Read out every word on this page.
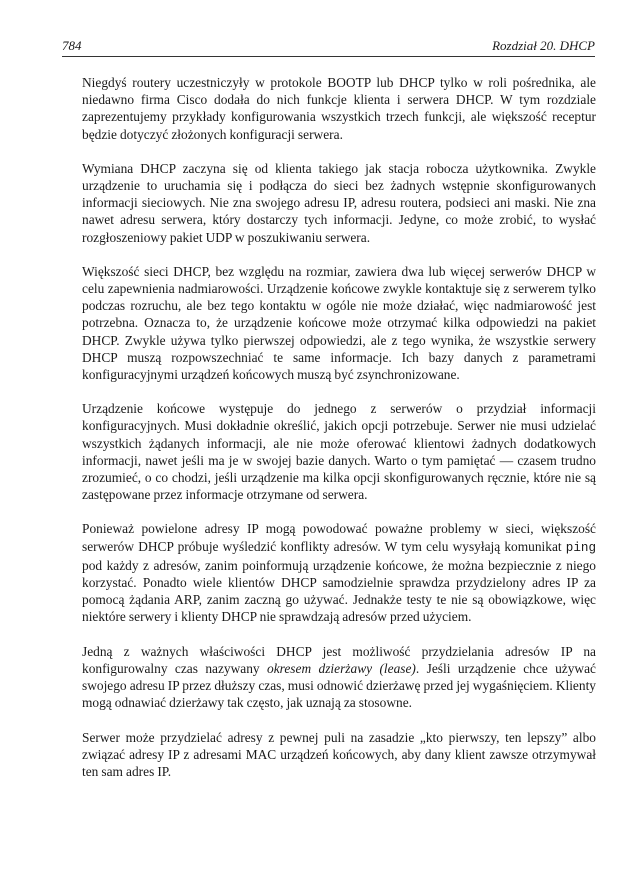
784	Rozdział 20. DHCP

Niegdyś routery uczestniczyły w protokole BOOTP lub DHCP tylko w roli pośrednika, ale niedawno firma Cisco dodała do nich funkcje klienta i serwera DHCP. W tym rozdziale zaprezentujemy przykłady konfigurowania wszystkich trzech funkcji, ale większość receptur będzie dotyczyć złożonych konfiguracji serwera.

Wymiana DHCP zaczyna się od klienta takiego jak stacja robocza użytkownika. Zwykle urządzenie to uruchamia się i podłącza do sieci bez żadnych wstępnie skonfigurowanych informacji sieciowych. Nie zna swojego adresu IP, adresu routera, podsieci ani maski. Nie zna nawet adresu serwera, który dostarczy tych informacji. Jedyne, co może zrobić, to wysłać rozgłoszeniowy pakiet UDP w poszukiwaniu serwera.

Większość sieci DHCP, bez względu na rozmiar, zawiera dwa lub więcej serwerów DHCP w celu zapewnienia nadmiarowości. Urządzenie końcowe zwykle kontaktuje się z serwerem tylko podczas rozruchu, ale bez tego kontaktu w ogóle nie może działać, więc nadmiarowość jest potrzebna. Oznacza to, że urządzenie końcowe może otrzymać kilka odpowiedzi na pakiet DHCP. Zwykle używa tylko pierwszej odpowiedzi, ale z tego wynika, że wszystkie serwery DHCP muszą rozpowszechniać te same informacje. Ich bazy danych z parametrami konfiguracyjnymi urządzeń końcowych muszą być zsynchronizowane.

Urządzenie końcowe występuje do jednego z serwerów o przydział informacji konfiguracyjnych. Musi dokładnie określić, jakich opcji potrzebuje. Serwer nie musi udzielać wszystkich żądanych informacji, ale nie może oferować klientowi żadnych dodatkowych informacji, nawet jeśli ma je w swojej bazie danych. Warto o tym pamiętać — czasem trudno zrozumieć, o co chodzi, jeśli urządzenie ma kilka opcji skonfigurowanych ręcznie, które nie są zastępowane przez informacje otrzymane od serwera.

Ponieważ powielone adresy IP mogą powodować poważne problemy w sieci, większość serwerów DHCP próbuje wyśledzić konflikty adresów. W tym celu wysyłają komunikat ping pod każdy z adresów, zanim poinformują urządzenie końcowe, że można bezpiecznie z niego korzystać. Ponadto wiele klientów DHCP samodzielnie sprawdza przydzielony adres IP za pomocą żądania ARP, zanim zaczną go używać. Jednakże testy te nie są obowiązkowe, więc niektóre serwery i klienty DHCP nie sprawdzają adresów przed użyciem.

Jedną z ważnych właściwości DHCP jest możliwość przydzielania adresów IP na konfigurowalny czas nazywany okresem dzierżawy (lease). Jeśli urządzenie chce używać swojego adresu IP przez dłuższy czas, musi odnowić dzierżawę przed jej wygaśnięciem. Klienty mogą odnawiać dzierżawy tak często, jak uznają za stosowne.

Serwer może przydzielać adresy z pewnej puli na zasadzie „kto pierwszy, ten lepszy” albo związać adresy IP z adresami MAC urządzeń końcowych, aby dany klient zawsze otrzymywał ten sam adres IP.
